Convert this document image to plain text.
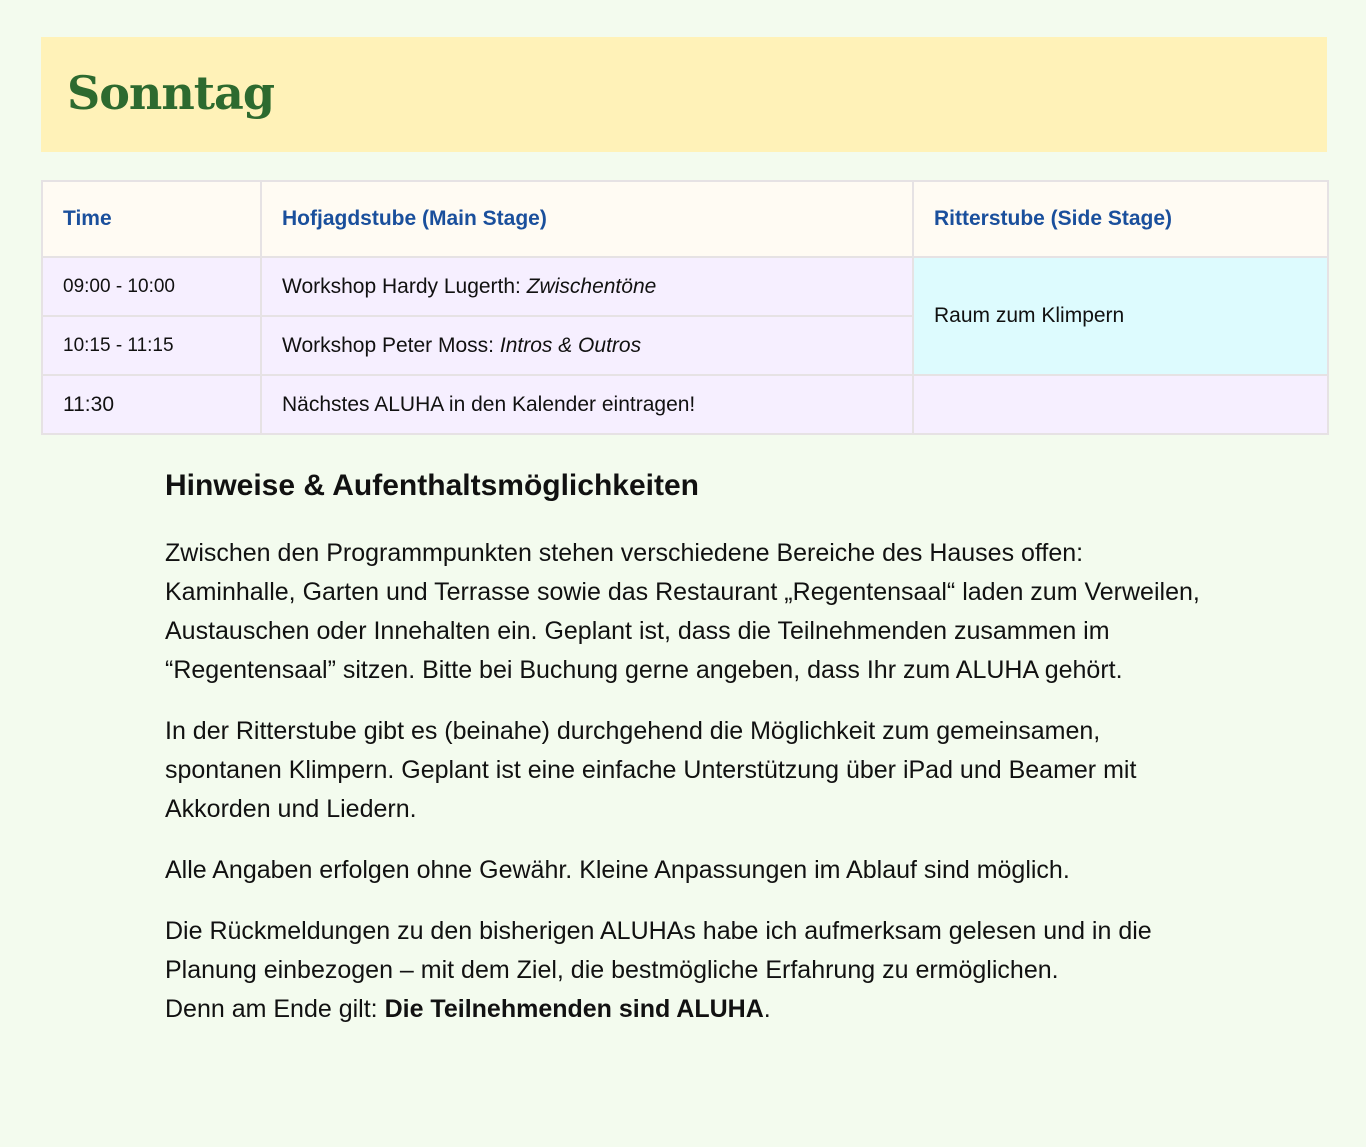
Sonntag
Time	Hofjagdstube (Main Stage)	Ritterstube (Side Stage)
09:00 - 10:00	Workshop Hardy Lugerth: Zwischentöne	Raum zum Klimpern
10:15 - 11:15	Workshop Peter Moss: Intros & Outros	
11:30	Nächstes ALUHA in den Kalender eintragen!	
Hinweise & Aufenthaltsmöglichkeiten

Zwischen den Programmpunkten stehen verschiedene Bereiche des Hauses offen: Kaminhalle, Garten und Terrasse sowie das Restaurant „Regentensaal“ laden zum Verweilen, Austauschen oder Innehalten ein. Geplant ist, dass die Teilnehmenden zusammen im “Regentensaal” sitzen. Bitte bei Buchung gerne angeben, dass Ihr zum ALUHA gehört.

In der Ritterstube gibt es (beinahe) durchgehend die Möglichkeit zum gemeinsamen, spontanen Klimpern. Geplant ist eine einfache Unterstützung über iPad und Beamer mit Akkorden und Liedern.

Alle Angaben erfolgen ohne Gewähr. Kleine Anpassungen im Ablauf sind möglich.

Die Rückmeldungen zu den bisherigen ALUHAs habe ich aufmerksam gelesen und in die Planung einbezogen – mit dem Ziel, die bestmögliche Erfahrung zu ermöglichen.
Denn am Ende gilt: Die Teilnehmenden sind ALUHA.
